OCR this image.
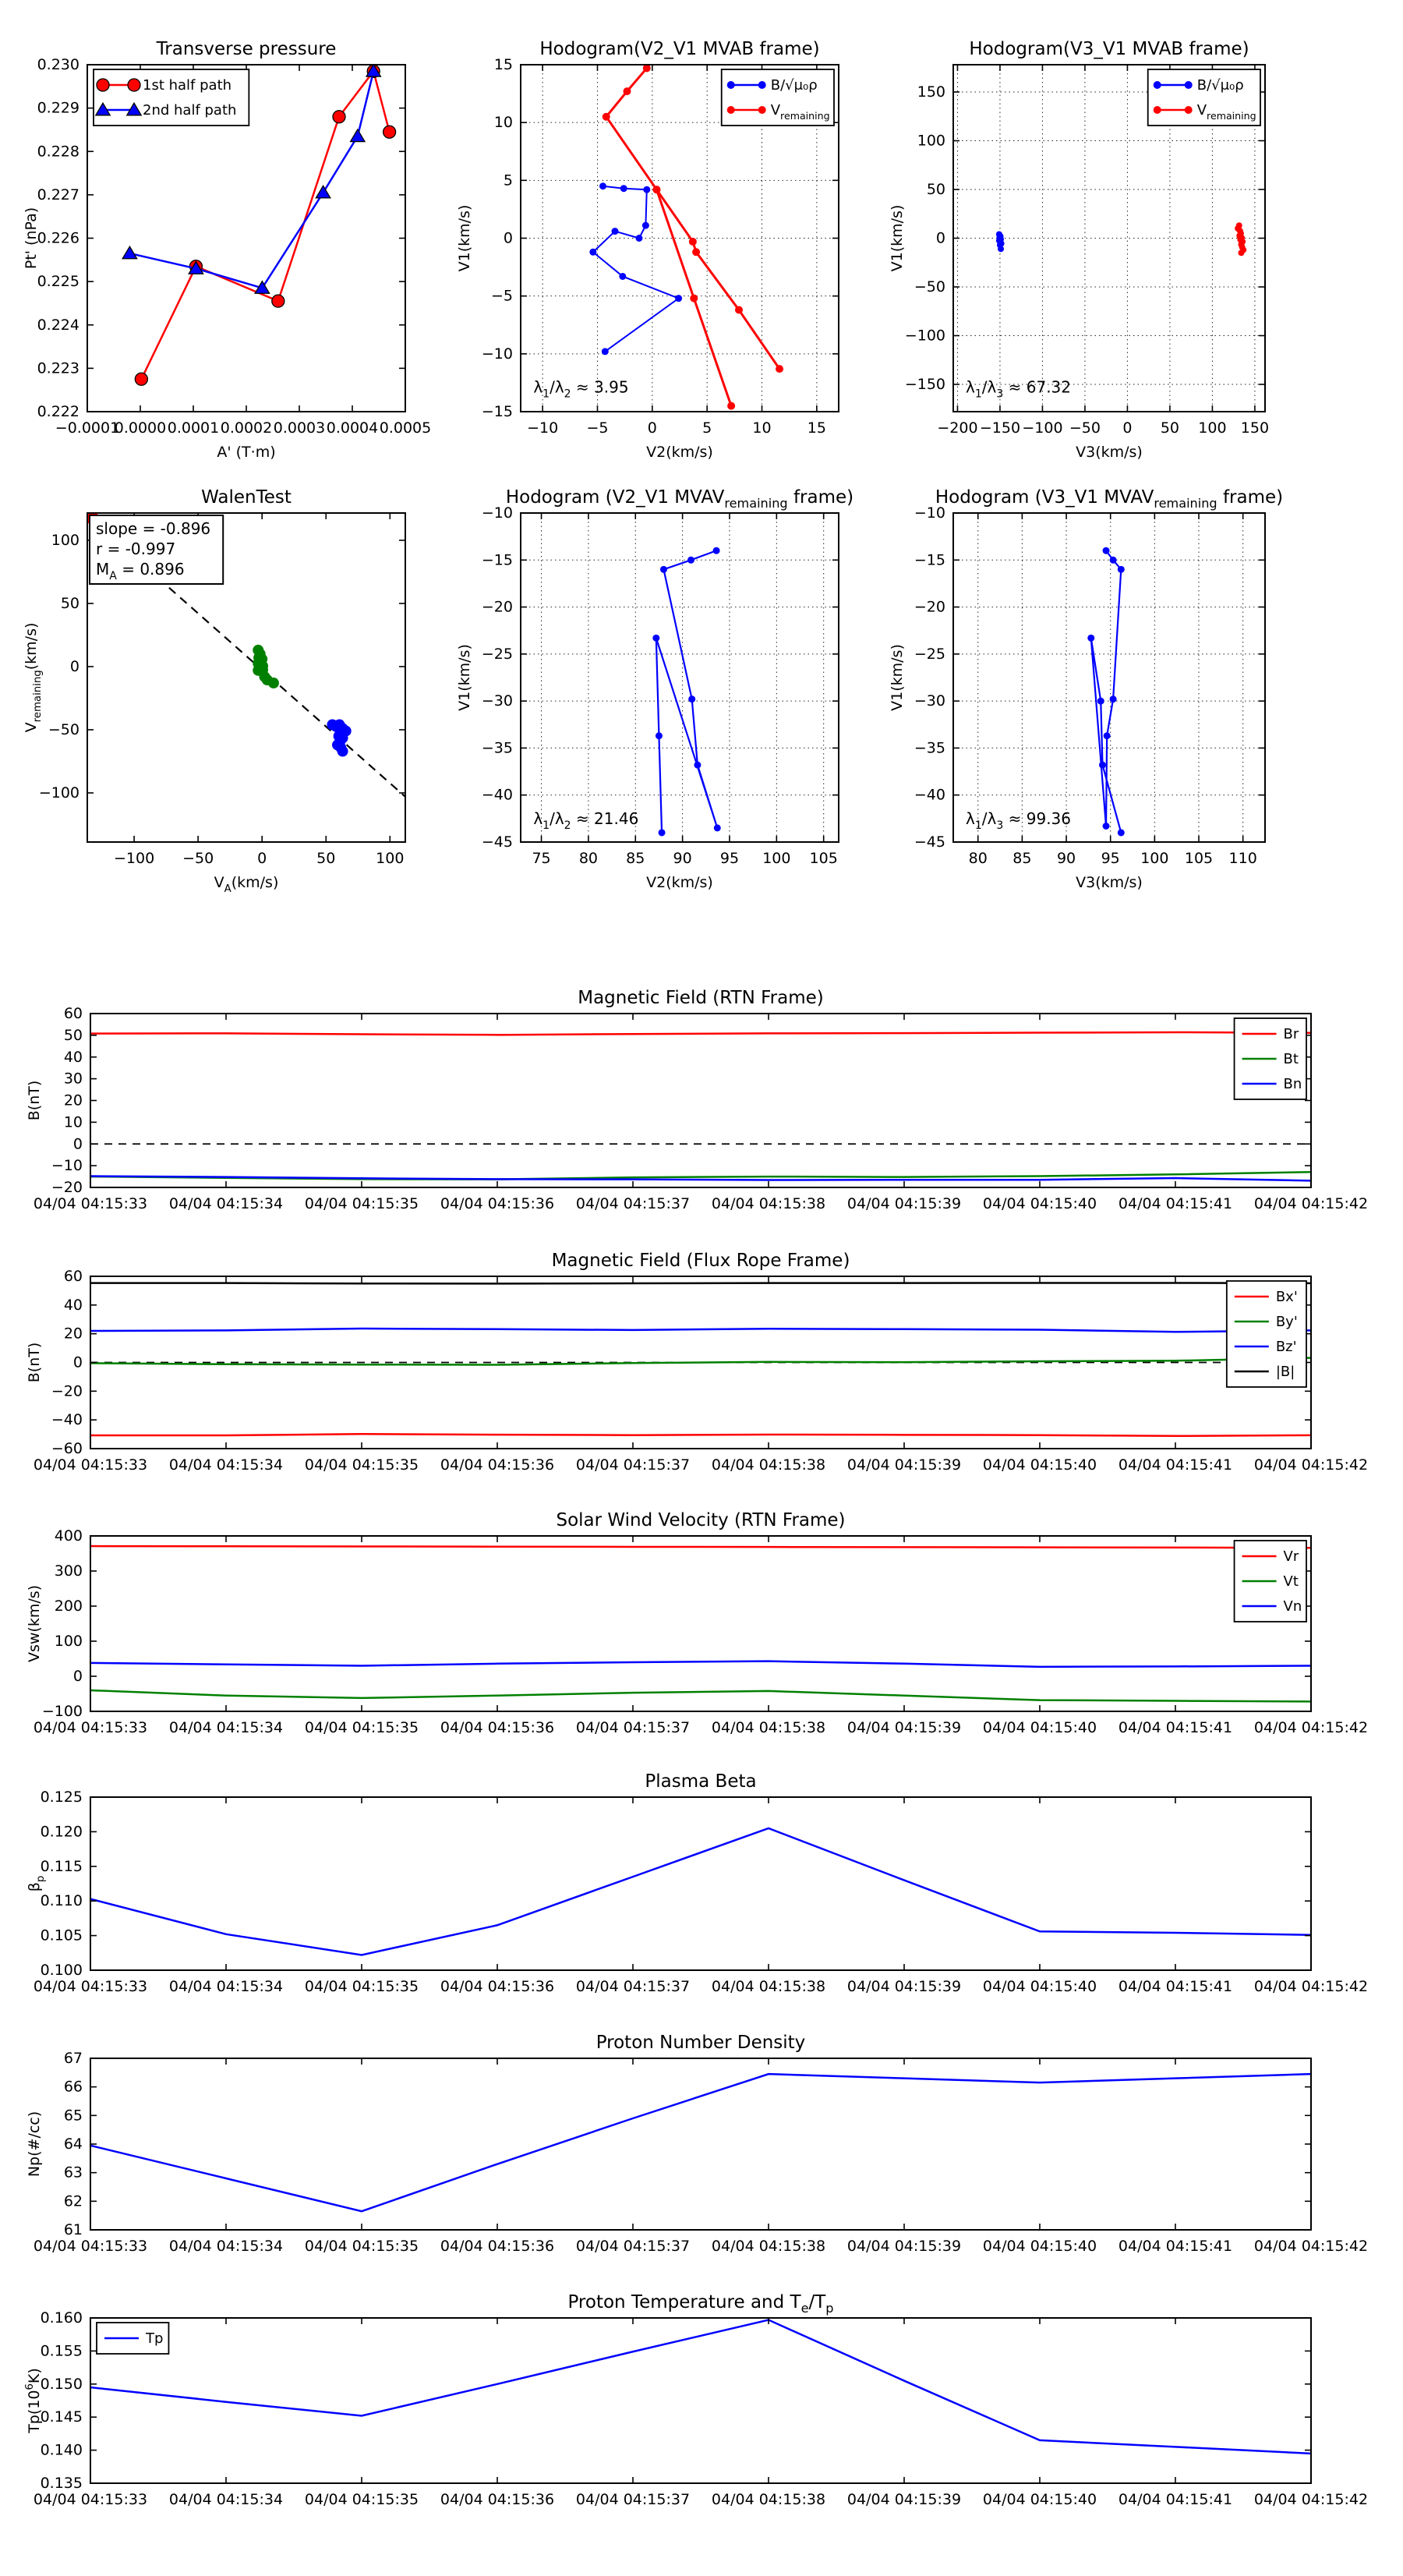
−0.0001
0.0000 0.0001 0.0002 0.0003 0.0004 0.0005
0.222
0.223
0.224
0.225
0.226
0.227
0.228
0.229
0.230
Transverse pressure
A' (T·m)
Pt' (nPa)
1st half path
2nd half path
−10 −5	0	5	10 15
−15
−10
−5
0
5
10
15
Hodogram(V2_V1 MVAB frame)
V2(km/s)
V1(km/s)
$\lambda_1/\lambda_2 \approx 3.95$
B/√μ₀ρ
$V_{remaining}$
−200 −150 −100 −50 0 50 100 150
−150
−100
−50
0
50
100
150
Hodogram(V3_V1 MVAB frame)
V3(km/s)
V1(km/s)
$\lambda_1/\lambda_3 \approx 67.32$
B/√μ₀ρ
$V_{remaining}$
−100 −50	0	50	100
−100
−50
0
50
100
WalenTest
$V_A(km/s)$
$V_{remaining}(km/s)$
slope = -0.896
r = -0.997
$M_A = 0.896$
75 80 85 90 95 100 105
−45
−40
−35
−30
−25
−20
−15
−10
Hodogram (V2_V1 $MVAV_{remaining}$ frame)
V2(km/s)
V1(km/s)
$\lambda_1/\lambda_2 \approx 21.46$
80 85 90 95 100 105 110
−45
−40
−35
−30
−25
−20
−15
−10
Hodogram (V3_V1 $MVAV_{remaining}$ frame)
V3(km/s)
V1(km/s)
$\lambda_1/\lambda_3 \approx 99.36$
04/04 04:15:33 04/04 04:15:34 04/04 04:15:35 04/04 04:15:36 04/04 04:15:37 04/04 04:15:38 04/04 04:15:39 04/04 04:15:40 04/04 04:15:41 04/04 04:15:42
−20
−10
0
10
20
30
40
50
60
Magnetic Field (RTN Frame)
B(nT)
Br
Bt
Bn
04/04 04:15:33 04/04 04:15:34 04/04 04:15:35 04/04 04:15:36 04/04 04:15:37 04/04 04:15:38 04/04 04:15:39 04/04 04:15:40 04/04 04:15:41 04/04 04:15:42
−60
−40
−20
0
20
40
60
Magnetic Field (Flux Rope Frame)
B(nT)
Bx'
By'
Bz'
|B|
04/04 04:15:33 04/04 04:15:34 04/04 04:15:35 04/04 04:15:36 04/04 04:15:37 04/04 04:15:38 04/04 04:15:39 04/04 04:15:40 04/04 04:15:41 04/04 04:15:42
−100
0
100
200
300
400
Solar Wind Velocity (RTN Frame)
Vsw(km/s)
Vr
Vt
Vn
04/04 04:15:33 04/04 04:15:34 04/04 04:15:35 04/04 04:15:36 04/04 04:15:37 04/04 04:15:38 04/04 04:15:39 04/04 04:15:40 04/04 04:15:41 04/04 04:15:42
0.100
0.105
0.110
0.115
0.120
0.125
Plasma Beta
$\beta_p$
04/04 04:15:33 04/04 04:15:34 04/04 04:15:35 04/04 04:15:36 04/04 04:15:37 04/04 04:15:38 04/04 04:15:39 04/04 04:15:40 04/04 04:15:41 04/04 04:15:42
61
62
63
64
65
66
67
Proton Number Density
Np(#/cc)
04/04 04:15:33 04/04 04:15:34 04/04 04:15:35 04/04 04:15:36 04/04 04:15:37 04/04 04:15:38 04/04 04:15:39 04/04 04:15:40 04/04 04:15:41 04/04 04:15:42
0.135
0.140
0.145
0.150
0.155
0.160
Proton Temperature and $T_e/T_p$
$Tp(10^6K)$
Tp
